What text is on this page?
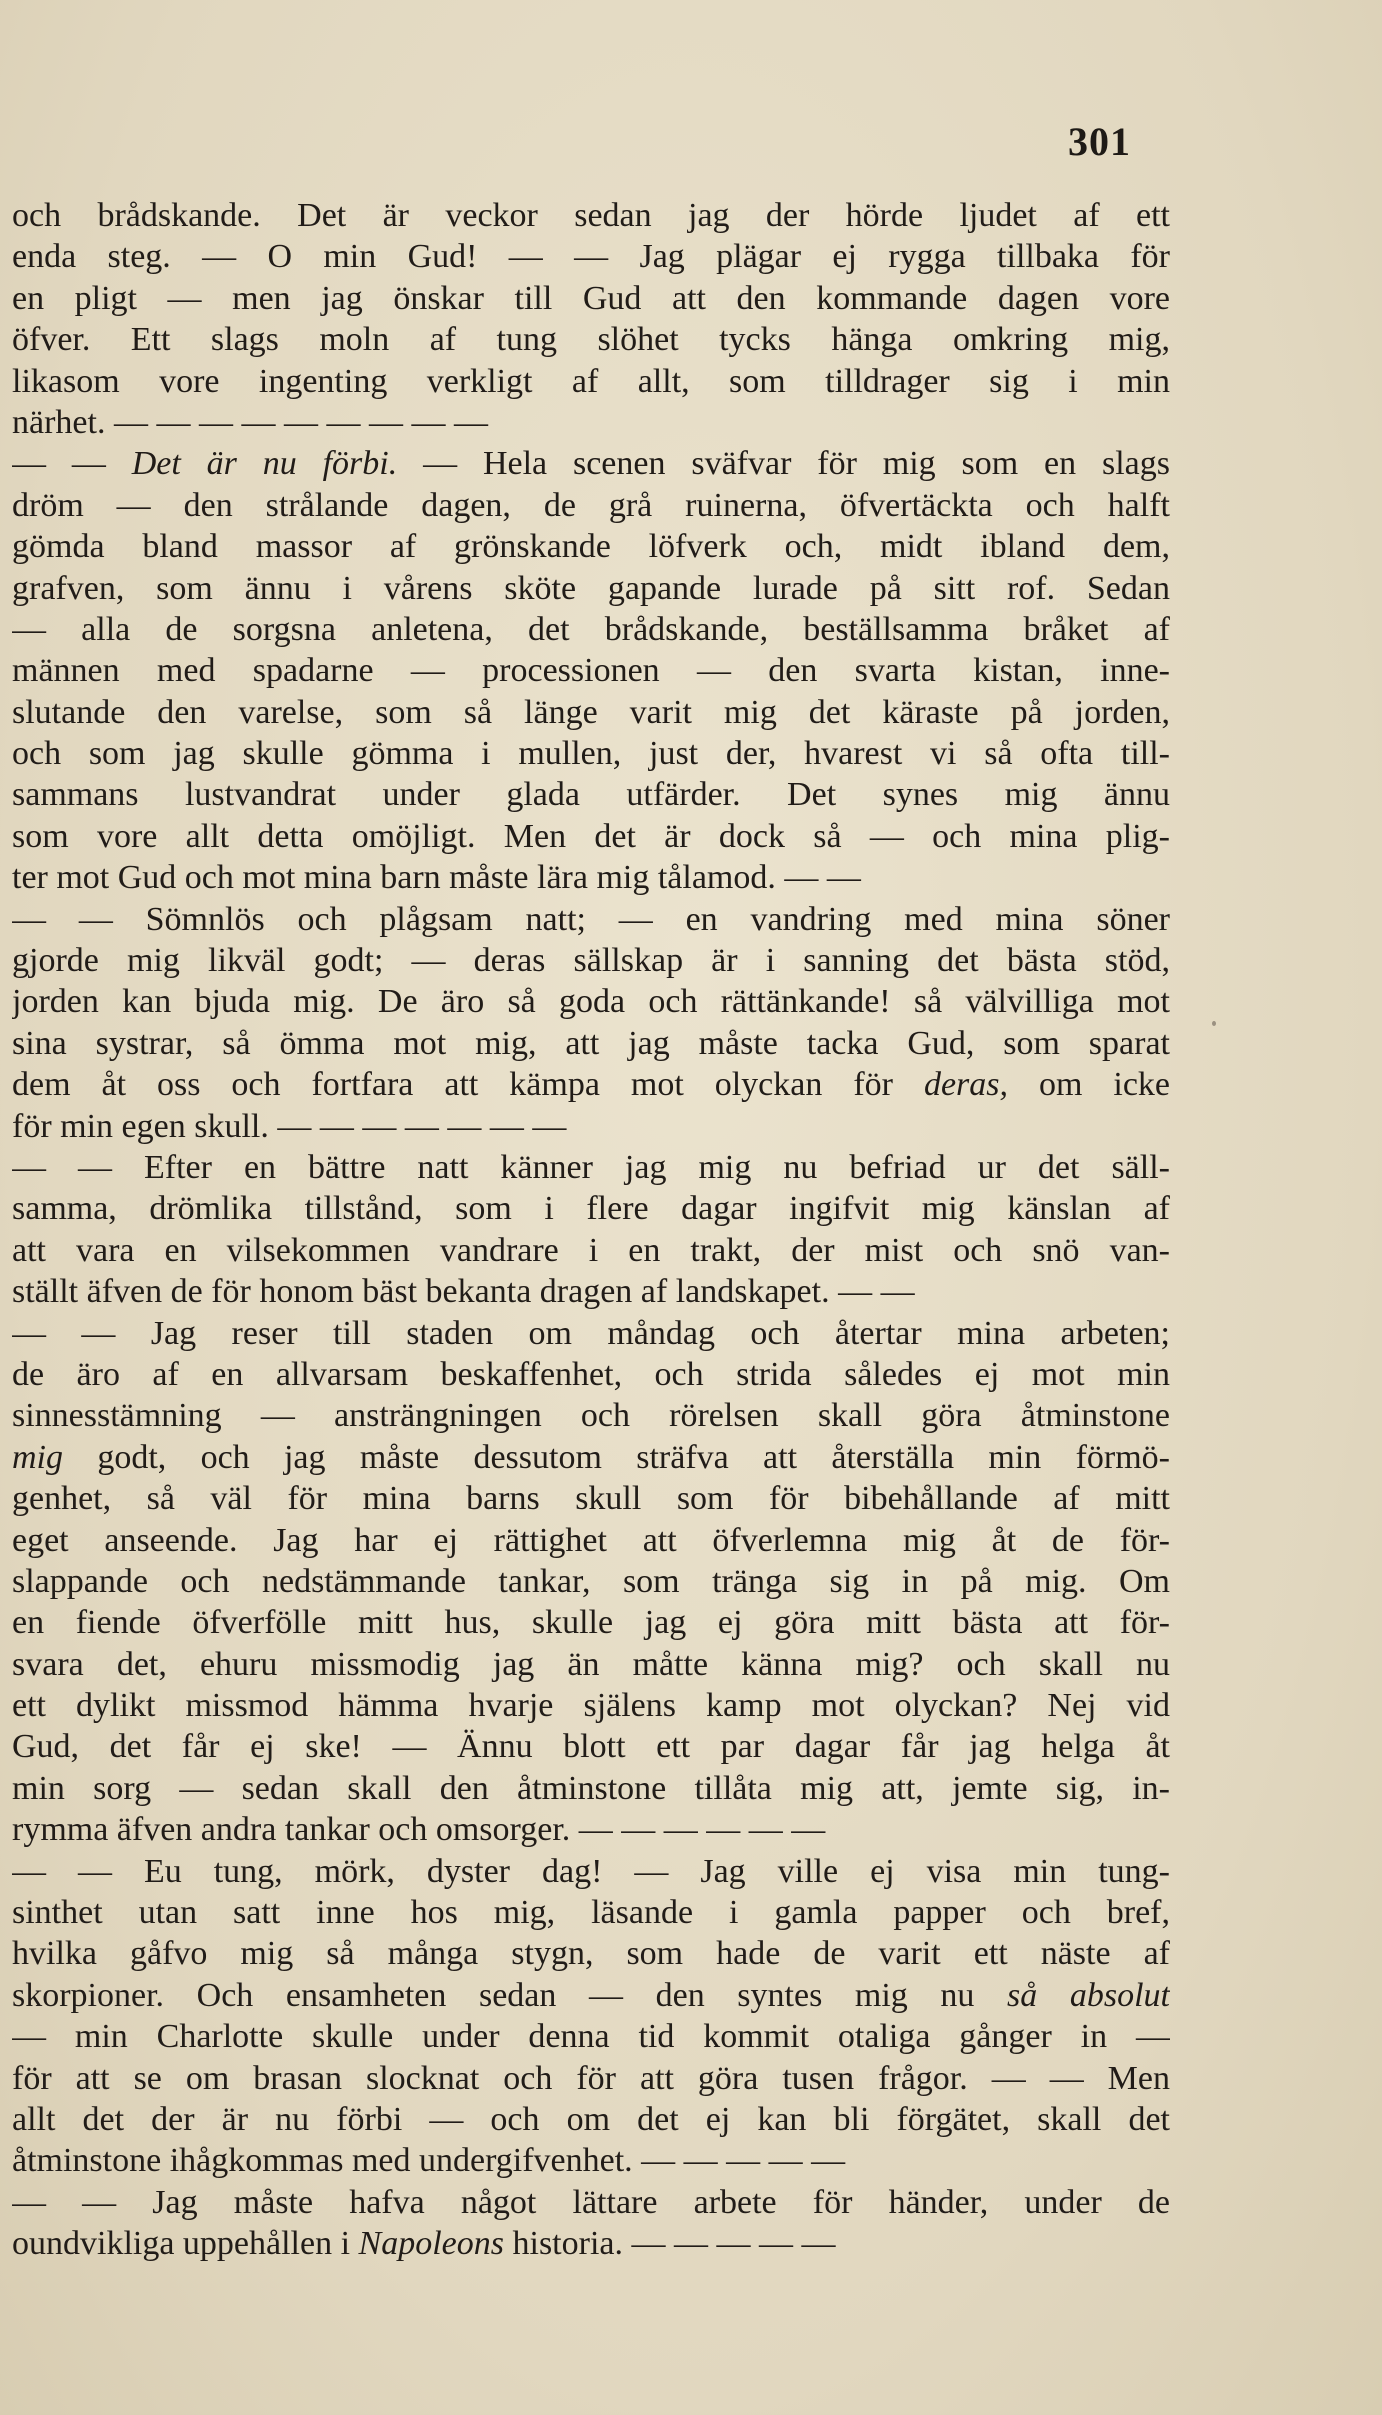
301
och brådskande. Det är veckor sedan jag der hörde ljudet af ett
enda steg. — O min Gud! — — Jag plägar ej rygga tillbaka för
en pligt — men jag önskar till Gud att den kommande dagen vore
öfver. Ett slags moln af tung slöhet tycks hänga omkring mig,
likasom vore ingenting verkligt af allt, som tilldrager sig i min
närhet. — — — — — — — — —
— — Det är nu förbi. — Hela scenen sväfvar för mig som en slags
dröm — den strålande dagen, de grå ruinerna, öfvertäckta och halft
gömda bland massor af grönskande löfverk och, midt ibland dem,
grafven, som ännu i vårens sköte gapande lurade på sitt rof. Sedan
— alla de sorgsna anletena, det brådskande, beställsamma bråket af
männen med spadarne — processionen — den svarta kistan, inne-
slutande den varelse, som så länge varit mig det käraste på jorden,
och som jag skulle gömma i mullen, just der, hvarest vi så ofta till-
sammans lustvandrat under glada utfärder. Det synes mig ännu
som vore allt detta omöjligt. Men det är dock så — och mina plig-
ter mot Gud och mot mina barn måste lära mig tålamod. — —
— — Sömnlös och plågsam natt; — en vandring med mina söner
gjorde mig likväl godt; — deras sällskap är i sanning det bästa stöd,
jorden kan bjuda mig. De äro så goda och rättänkande! så välvilliga mot
sina systrar, så ömma mot mig, att jag måste tacka Gud, som sparat
dem åt oss och fortfara att kämpa mot olyckan för deras, om icke
för min egen skull. — — — — — — —
— — Efter en bättre natt känner jag mig nu befriad ur det säll-
samma, drömlika tillstånd, som i flere dagar ingifvit mig känslan af
att vara en vilsekommen vandrare i en trakt, der mist och snö van-
ställt äfven de för honom bäst bekanta dragen af landskapet. — —
— — Jag reser till staden om måndag och återtar mina arbeten;
de äro af en allvarsam beskaffenhet, och strida således ej mot min
sinnesstämning — ansträngningen och rörelsen skall göra åtminstone
mig godt, och jag måste dessutom sträfva att återställa min förmö-
genhet, så väl för mina barns skull som för bibehållande af mitt
eget anseende. Jag har ej rättighet att öfverlemna mig åt de för-
slappande och nedstämmande tankar, som tränga sig in på mig. Om
en fiende öfverfölle mitt hus, skulle jag ej göra mitt bästa att för-
svara det, ehuru missmodig jag än måtte känna mig? och skall nu
ett dylikt missmod hämma hvarje själens kamp mot olyckan? Nej vid
Gud, det får ej ske! — Ännu blott ett par dagar får jag helga åt
min sorg — sedan skall den åtminstone tillåta mig att, jemte sig, in-
rymma äfven andra tankar och omsorger. — — — — — —
— — Eu tung, mörk, dyster dag! — Jag ville ej visa min tung-
sinthet utan satt inne hos mig, läsande i gamla papper och bref,
hvilka gåfvo mig så många stygn, som hade de varit ett näste af
skorpioner. Och ensamheten sedan — den syntes mig nu så absolut
— min Charlotte skulle under denna tid kommit otaliga gånger in —
för att se om brasan slocknat och för att göra tusen frågor. — — Men
allt det der är nu förbi — och om det ej kan bli förgätet, skall det
åtminstone ihågkommas med undergifvenhet. — — — — —
— — Jag måste hafva något lättare arbete för händer, under de
oundvikliga uppehållen i Napoleons historia. — — — — —
